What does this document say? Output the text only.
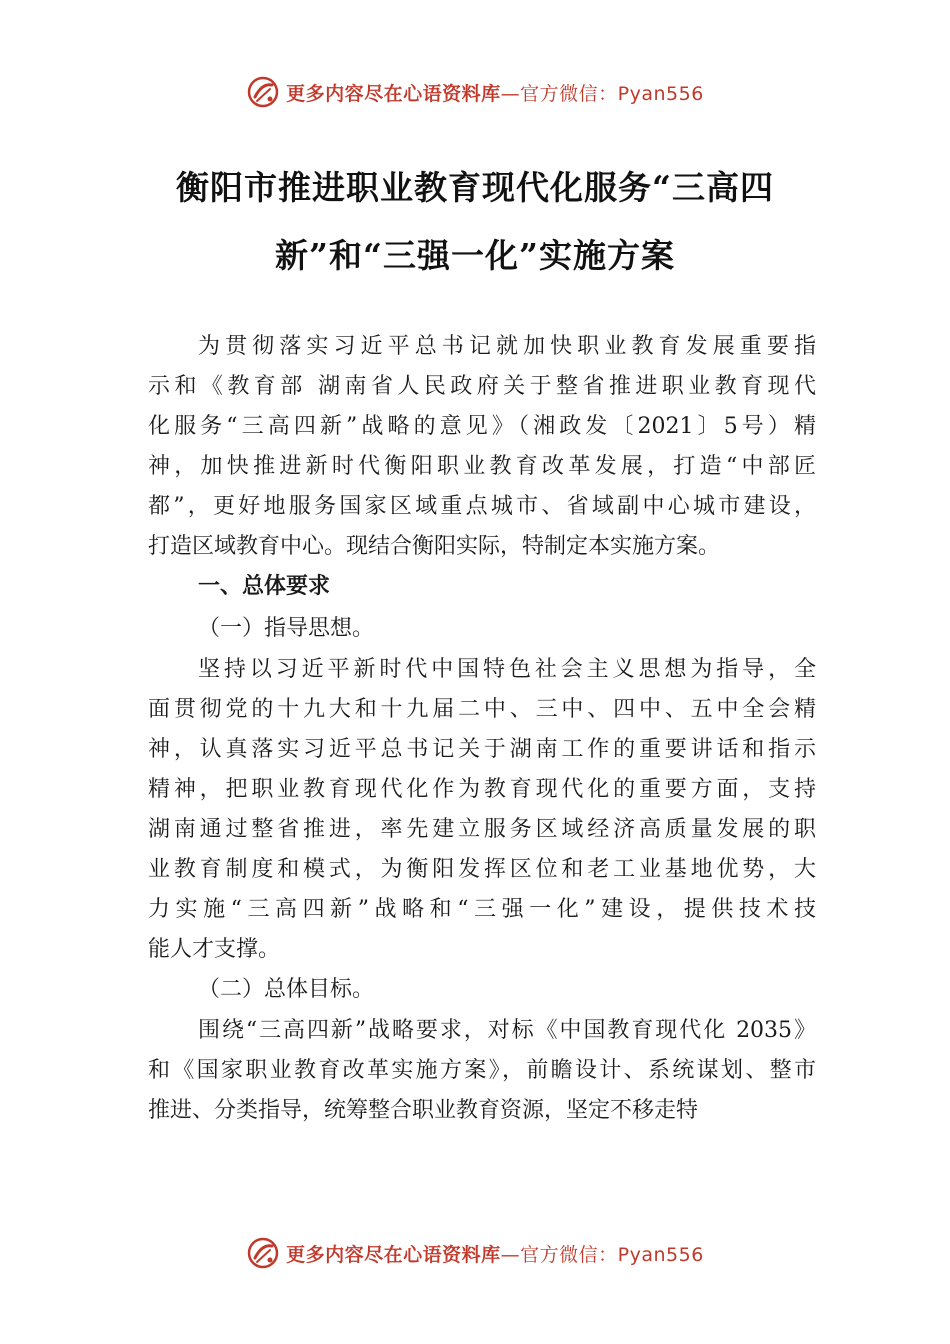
更多内容尽在心语资料库—官方微信：Pyan556
衡阳市推进职业教育现代化服务“三高四
新”和“三强一化”实施方案
为贯彻落实习近平总书记就加快职业教育发展重要指
示和《教育部 湖南省人民政府关于整省推进职业教育现代
化服务“三高四新”战略的意见》（湘政发〔2021〕5号）精
神，加快推进新时代衡阳职业教育改革发展，打造“中部匠
都”，更好地服务国家区域重点城市、省域副中心城市建设，
打造区域教育中心。现结合衡阳实际，特制定本实施方案。
一、总体要求
（一）指导思想。
坚持以习近平新时代中国特色社会主义思想为指导，全
面贯彻党的十九大和十九届二中、三中、四中、五中全会精
神，认真落实习近平总书记关于湖南工作的重要讲话和指示
精神，把职业教育现代化作为教育现代化的重要方面，支持
湖南通过整省推进，率先建立服务区域经济高质量发展的职
业教育制度和模式，为衡阳发挥区位和老工业基地优势，大
力实施“三高四新”战略和“三强一化”建设，提供技术技
能人才支撑。
（二）总体目标。
围绕“三高四新”战略要求，对标《中国教育现代化 2035》
和《国家职业教育改革实施方案》，前瞻设计、系统谋划、整市
推进、分类指导，统筹整合职业教育资源，坚定不移走特
更多内容尽在心语资料库—官方微信：Pyan556
